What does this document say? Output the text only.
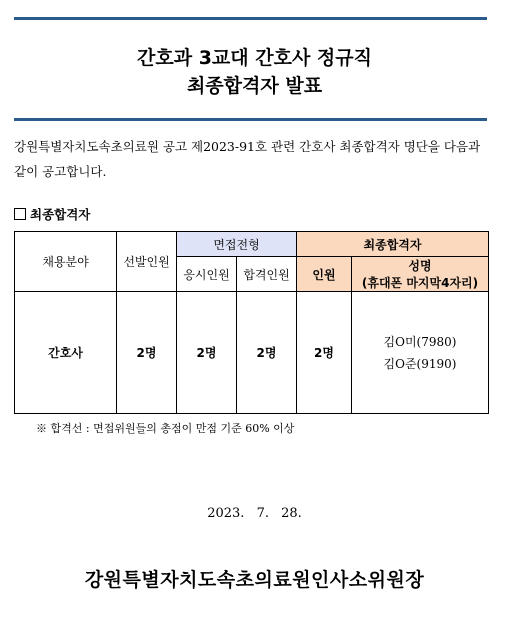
간호과 3교대 간호사 정규직
최종합격자 발표
강원특별자치도속초의료원 공고 제2023-91호 관련 간호사 최종합격자 명단을 다음과 같이 공고합니다.
최종합격자
채용분야	선발인원	면접전형		최종합격자	
		응시인원	합격인원	인원	성명
(휴대폰 마지막4자리)

간호사	2명	2명	2명	2명	김O미(7980)
김O준(9190)
※ 합격선 : 면접위원들의 총점이 만점 기준 60% 이상
2023. 7. 28.
강원특별자치도속초의료원인사소위원장
